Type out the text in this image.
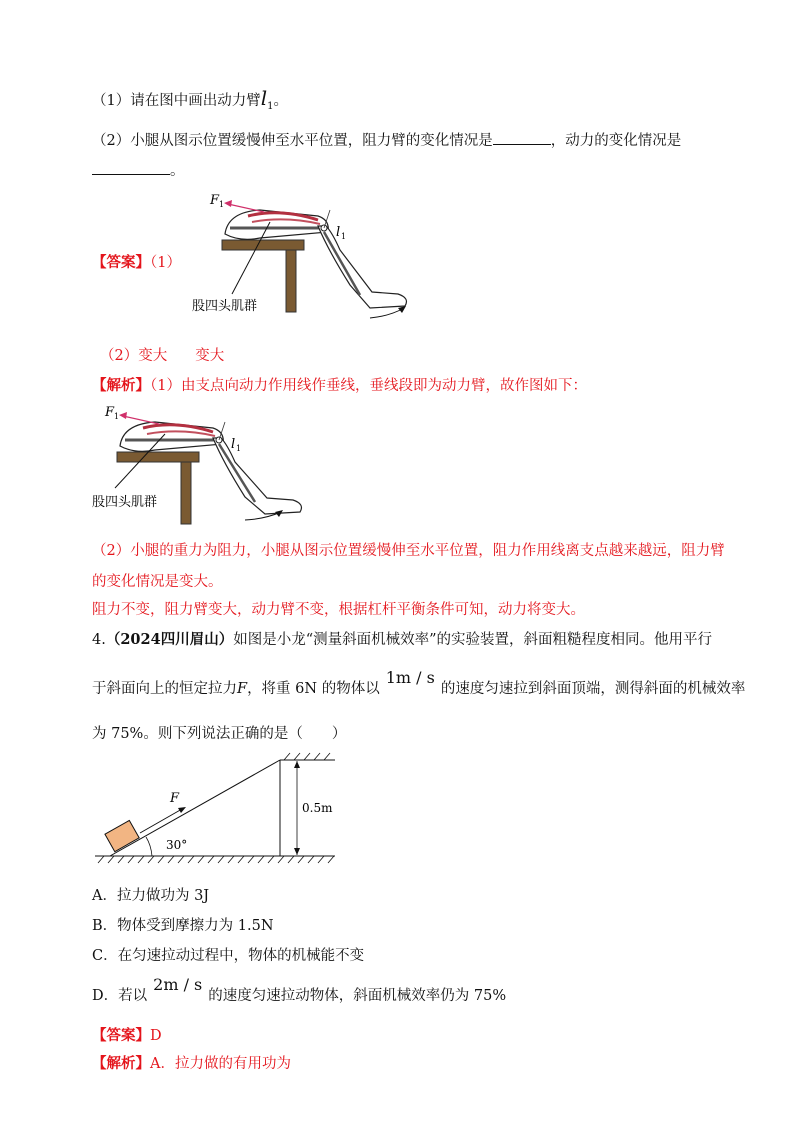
（1）请在图中画出动力臂$l_1$。
（2）小腿从图示位置缓慢伸至水平位置，阻力臂的变化情况是	，动力的变化情况是
。
【答案】（1）
F 1
l 1
股四头肌群
（2）变大 变大
【解析】（1）由支点向动力作用线作垂线，垂线段即为动力臂，故作图如下：
F 1
l 1
股四头肌群
（2）小腿的重力为阻力，小腿从图示位置缓慢伸至水平位置，阻力作用线离支点越来越远，阻力臂
的变化情况是变大。
阻力不变，阻力臂变大，动力臂不变，根据杠杆平衡条件可知，动力将变大。
4.（2024四川眉山）如图是小龙“测量斜面机械效率”的实验装置，斜面粗糙程度相同。他用平行
于斜面向上的恒定拉力F，将重 6N 的物体以1m / s的速度匀速拉到斜面顶端，测得斜面的机械效率
为 75%。则下列说法正确的是（　　）
0.5m
F
30°
A．拉力做功为 3J
B．物体受到摩擦力为 1.5N
C．在匀速拉动过程中，物体的机械能不变
D．若以2m / s的速度匀速拉动物体，斜面机械效率仍为 75%
【答案】D
【解析】A．拉力做的有用功为
